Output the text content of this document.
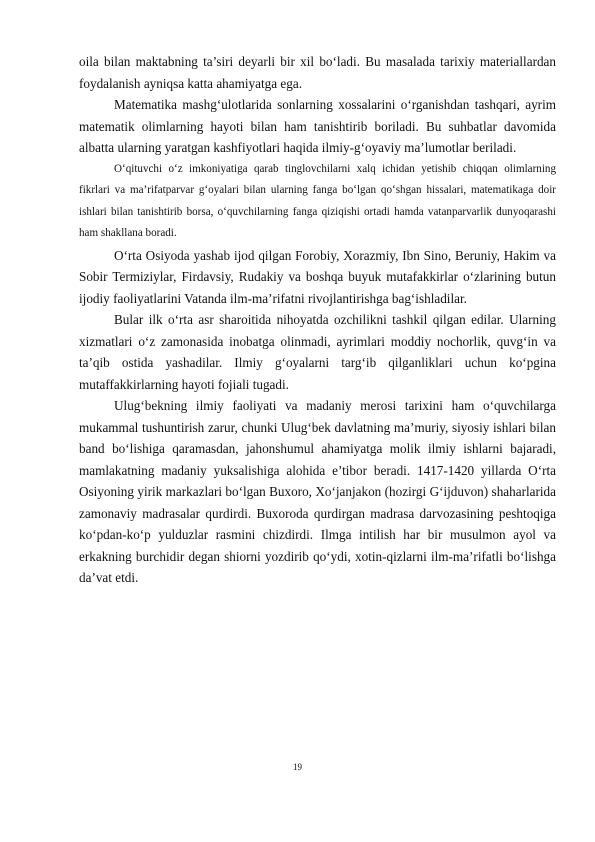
oila bilan maktabning ta’siri deyarli bir xil bo‘ladi. Bu masalada tarixiy materiallardan foydalanish ayniqsa katta ahamiyatga ega.

Matematika mashg‘ulotlarida sonlarning xossalarini o‘rganishdan tashqari, ayrim matematik olimlarning hayoti bilan ham tanishtirib boriladi. Bu suhbatlar davomida albatta ularning yaratgan kashfiyotlari haqida ilmiy-g‘oyaviy ma’lumotlar beriladi.

O‘qituvchi o‘z imkoniyatiga qarab tinglovchilarni xalq ichidan yetishib chiqqan olimlarning fikrlari va ma’rifatparvar g‘oyalari bilan ularning fanga bo‘lgan qo‘shgan hissalari, matematikaga doir ishlari bilan tanishtirib borsa, o‘quvchilarning fanga qiziqishi ortadi hamda vatanparvarlik dunyoqarashi ham shakllana boradi.

O‘rta Osiyoda yashab ijod qilgan Forobiy, Xorazmiy, Ibn Sino, Beruniy, Hakim va Sobir Termiziylar, Firdavsiy, Rudakiy va boshqa buyuk mutafakkirlar o‘zlarining butun ijodiy faoliyatlarini Vatanda ilm-ma’rifatni rivojlantirishga bag‘ishladilar.

Bular ilk o‘rta asr sharoitida nihoyatda ozchilikni tashkil qilgan edilar. Ularning xizmatlari o‘z zamonasida inobatga olinmadi, ayrimlari moddiy nochorlik, quvg‘in va ta’qib ostida yashadilar. Ilmiy g‘oyalarni targ‘ib qilganliklari uchun ko‘pgina mutaffakkirlarning hayoti fojiali tugadi.

Ulug‘bekning ilmiy faoliyati va madaniy merosi tarixini ham o‘quvchilarga mukammal tushuntirish zarur, chunki Ulug‘bek davlatning ma’muriy, siyosiy ishlari bilan band bo‘lishiga qaramasdan, jahonshumul ahamiyatga molik ilmiy ishlarni bajaradi, mamlakatning madaniy yuksalishiga alohida e’tibor beradi. 1417-1420 yillarda O‘rta Osiyoning yirik markazlari bo‘lgan Buxoro, Xo‘janjakon (hozirgi G‘ijduvon) shaharlarida zamonaviy madrasalar qurdirdi. Buxoroda qurdirgan madrasa darvozasining peshtoqiga ko‘pdan-ko‘p yulduzlar rasmini chizdirdi. Ilmga intilish har bir musulmon ayol va erkakning burchidir degan shiorni yozdirib qo‘ydi, xotin-qizlarni ilm-ma’rifatli bo‘lishga da’vat etdi.

19
